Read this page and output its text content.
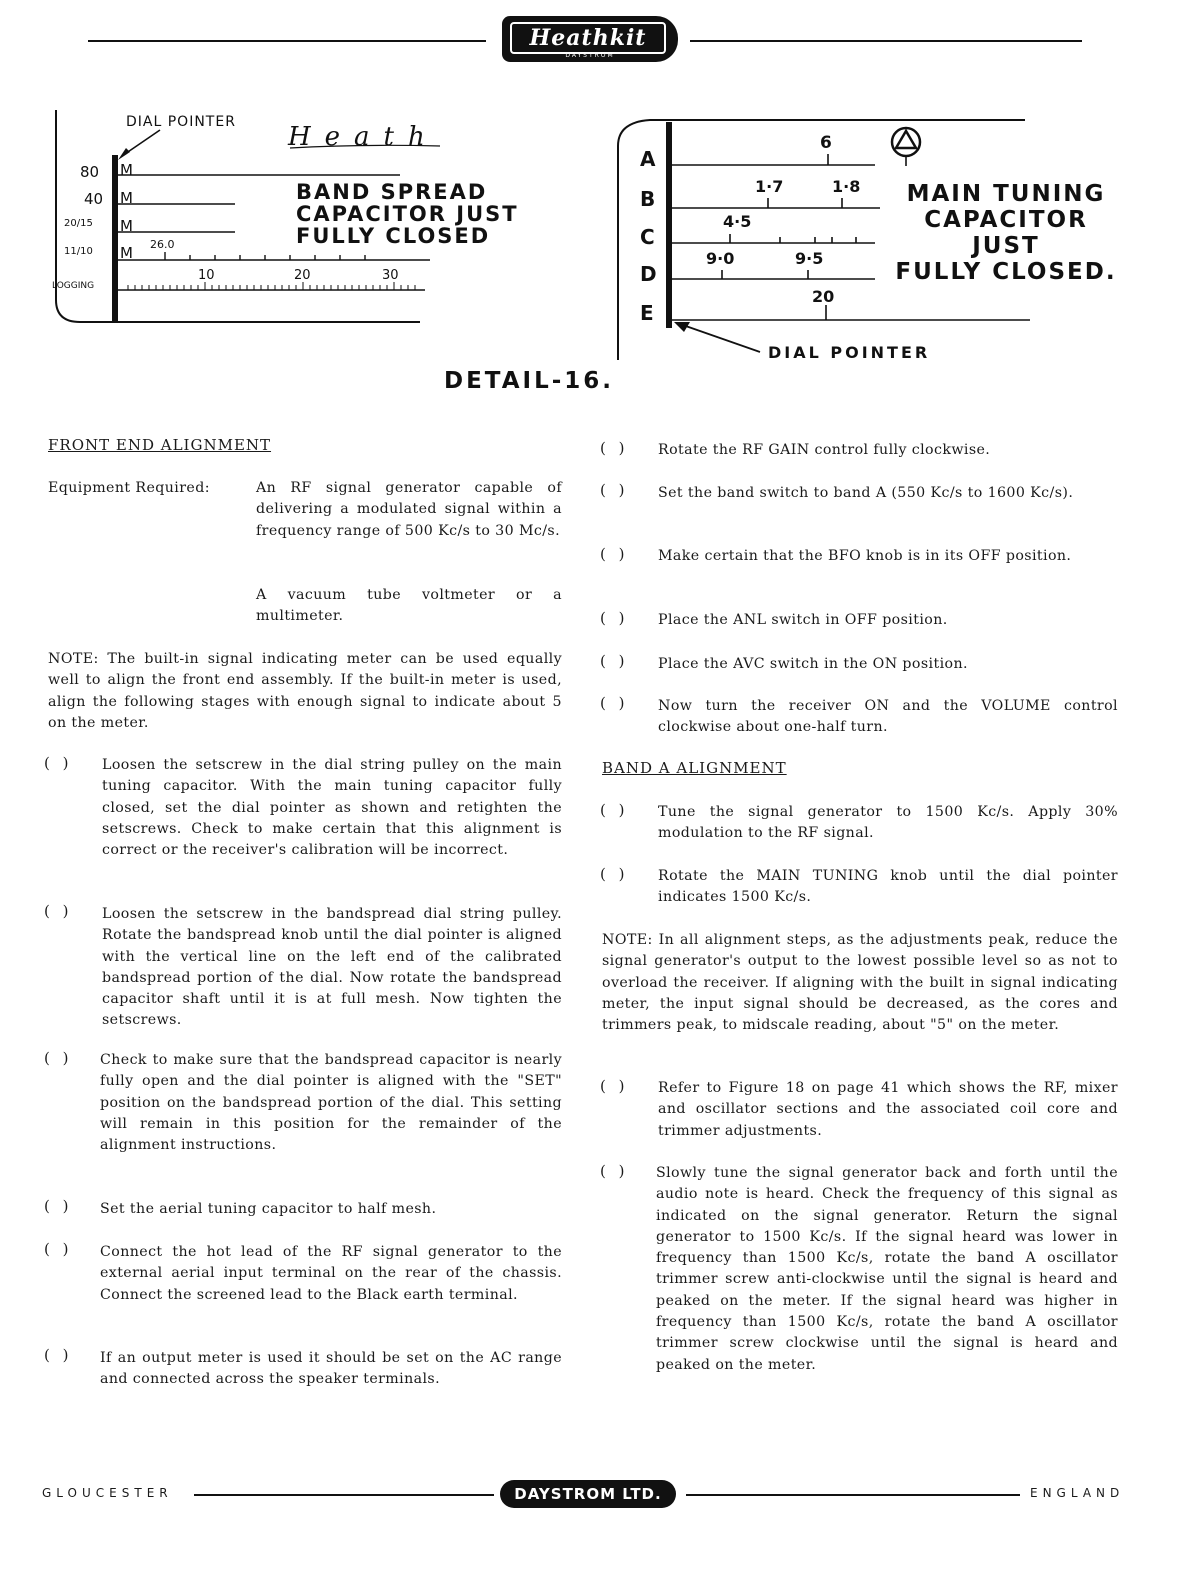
Heathkit
DAYSTROM
DIAL POINTER Heath
80
40
20/15
11/10
M
M
M
M 26.0
LOGGING
10	20	30
BAND SPREAD
CAPACITOR JUST
FULLY CLOSED
A
B
C
D
E
6
1·7	1·8
4·5
9·0	9·5
20
MAIN TUNING
CAPACITOR JUST
FULLY CLOSED.
DIAL POINTER
DETAIL-16.
FRONT END ALIGNMENT
Equipment Required:	An RF signal generator capable of delivering a modulated signal within a frequency range of 500 Kc/s to 30 Mc/s.
A vacuum tube voltmeter or a multimeter.
NOTE: The built-in signal indicating meter can be used equally well to align the front end assembly. If the built-in meter is used, align the following stages with enough signal to indicate about 5 on the meter.
( ) Loosen the setscrew in the dial string pulley on the main tuning capacitor. With the main tuning capacitor fully closed, set the dial pointer as shown and retighten the setscrews. Check to make certain that this alignment is correct or the receiver's calibration will be incorrect.
( ) Loosen the setscrew in the bandspread dial string pulley. Rotate the bandspread knob until the dial pointer is aligned with the vertical line on the left end of the calibrated bandspread portion of the dial. Now rotate the bandspread capacitor shaft until it is at full mesh. Now tighten the setscrews.
( ) Check to make sure that the bandspread capacitor is nearly fully open and the dial pointer is aligned with the "SET" position on the bandspread portion of the dial. This setting will remain in this position for the remainder of the alignment instructions.
( ) Set the aerial tuning capacitor to half mesh.
( ) Connect the hot lead of the RF signal generator to the external aerial input terminal on the rear of the chassis. Connect the screened lead to the Black earth terminal.
( ) If an output meter is used it should be set on the AC range and connected across the speaker terminals.
( ) Rotate the RF GAIN control fully clockwise.
( ) Set the band switch to band A (550 Kc/s to 1600 Kc/s).
( ) Make certain that the BFO knob is in its OFF position.
( ) Place the ANL switch in OFF position.
( ) Place the AVC switch in the ON position.
( ) Now turn the receiver ON and the VOLUME control clockwise about one-half turn.
BAND A ALIGNMENT
( ) Tune the signal generator to 1500 Kc/s. Apply 30% modulation to the RF signal.
( ) Rotate the MAIN TUNING knob until the dial pointer indicates 1500 Kc/s.
NOTE: In all alignment steps, as the adjustments peak, reduce the signal generator's output to the lowest possible level so as not to overload the receiver. If aligning with the built in signal indicating meter, the input signal should be decreased, as the cores and trimmers peak, to midscale reading, about "5" on the meter.
( ) Refer to Figure 18 on page 41 which shows the RF, mixer and oscillator sections and the associated coil core and trimmer adjustments.
( ) Slowly tune the signal generator back and forth until the audio note is heard. Check the frequency of this signal as indicated on the signal generator. Return the signal generator to 1500 Kc/s. If the signal heard was lower in frequency than 1500 Kc/s, rotate the band A oscillator trimmer screw anti-clockwise until the signal is heard and peaked on the meter. If the signal heard was higher in frequency than 1500 Kc/s, rotate the band A oscillator trimmer screw clockwise until the signal is heard and peaked on the meter.
GLOUCESTER	DAYSTROM LTD.	ENGLAND
